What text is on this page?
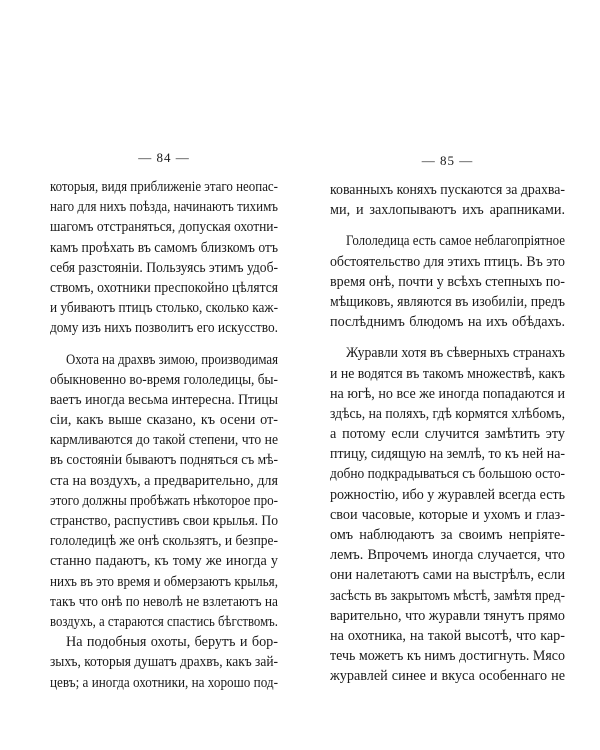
— 84 —
которыя, видя приближеніе этаго неопас-
наго для нихъ поѣзда, начинаютъ тихимъ
шагомъ отстраняться, допуская охотни-
камъ проѣхать въ самомъ близкомъ отъ
себя разстояніи. Пользуясь этимъ удоб-
ствомъ, охотники преспокойно цѣлятся
и убиваютъ птицъ столько, сколько каж-
дому изъ нихъ позволитъ его искусство.
Охота на драхвъ зимою, производимая
обыкновенно во-время гололедицы, бы-
ваетъ иногда весьма интересна. Птицы
сіи, какъ выше сказано, къ осени от-
кармливаются до такой степени, что не
въ состояніи бываютъ подняться съ мѣ-
ста на воздухъ, а предварительно, для
этого должны пробѣжать нѣкоторое про-
странство, распустивъ свои крылья. По
гололедицѣ же онѣ скользятъ, и безпре-
станно падаютъ, къ тому же иногда у
нихъ въ это время и обмерзаютъ крылья,
такъ что онѣ по неволѣ не взлетаютъ на
воздухъ, а стараются спастись бѣгствомъ.
На подобныя охоты, берутъ и бор-
зыхъ, которыя душатъ драхвъ, какъ зай-
цевъ; а иногда охотники, на хорошо под-
— 85 —
кованныхъ коняхъ пускаются за драхва-
ми, и захлопываютъ ихъ арапниками.
Гололедица есть самое неблагопріятное
обстоятельство для этихъ птицъ. Въ это
время онѣ, почти у всѣхъ степныхъ по-
мѣщиковъ, являются въ изобиліи, предъ
послѣднимъ блюдомъ на ихъ обѣдахъ.
Журавли хотя въ сѣверныхъ странахъ
и не водятся въ такомъ множествѣ, какъ
на югѣ, но все же иногда попадаются и
здѣсь, на поляхъ, гдѣ кормятся хлѣбомъ,
а потому если случится замѣтить эту
птицу, сидящую на землѣ, то къ ней на-
добно подкрадываться съ большою осто-
рожностію, ибо у журавлей всегда есть
свои часовые, которые и ухомъ и глаз-
омъ наблюдаютъ за своимъ непріяте-
лемъ. Впрочемъ иногда случается, что
они налетаютъ сами на выстрѣлъ, если
засѣсть въ закрытомъ мѣстѣ, замѣтя пред-
варительно, что журавли тянутъ прямо
на охотника, на такой высотѣ, что кар-
течь можетъ къ нимъ достигнуть. Мясо
журавлей синее и вкуса особеннаго не
